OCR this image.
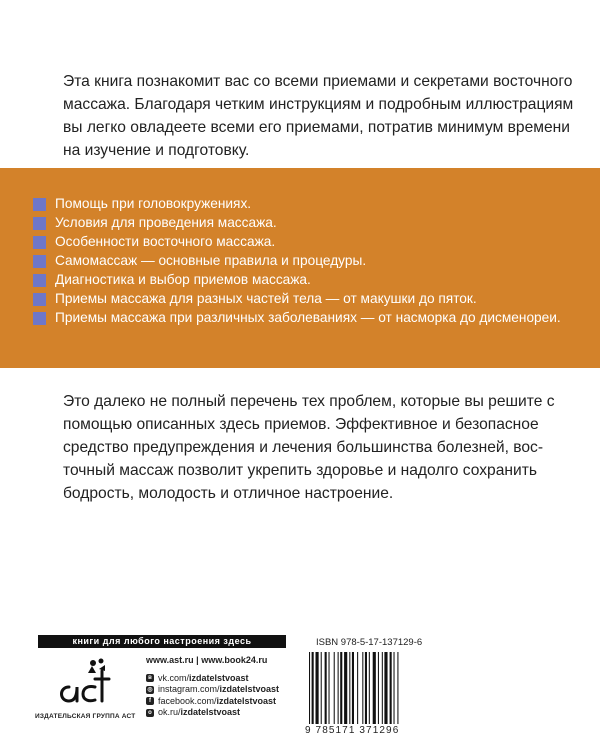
Эта книга познакомит вас со всеми приемами и секретами восточного
массажа. Благодаря четким инструкциям и подробным иллюстрациям
вы легко овладеете всеми его приемами, потратив минимум времени
на изучение и подготовку.

Помощь при головокружениях.
Условия для проведения массажа.
Особенности восточного массажа.
Самомассаж — основные правила и процедуры.
Диагностика и выбор приемов массажа.
Приемы массажа для разных частей тела — от макушки до пяток.
Приемы массажа при различных заболеваниях — от насморка до дисменореи.

Это далеко не полный перечень тех проблем, которые вы решите с
помощью описанных здесь приемов. Эффективное и безопасное
средство предупреждения и лечения большинства болезней, вос-
точный массаж позволит укрепить здоровье и надолго сохранить
бодрость, молодость и отличное настроение.

книги для любого настроения здесь
ИЗДАТЕЛЬСКАЯ ГРУППА АСТ
www.ast.ru | www.book24.ru
в vk.com/izdatelstvoast
◎ instagram.com/izdatelstvoast
f facebook.com/izdatelstvoast
о ok.ru/izdatelstvoast
ISBN 978-5-17-137129-6
9 785171 371296
